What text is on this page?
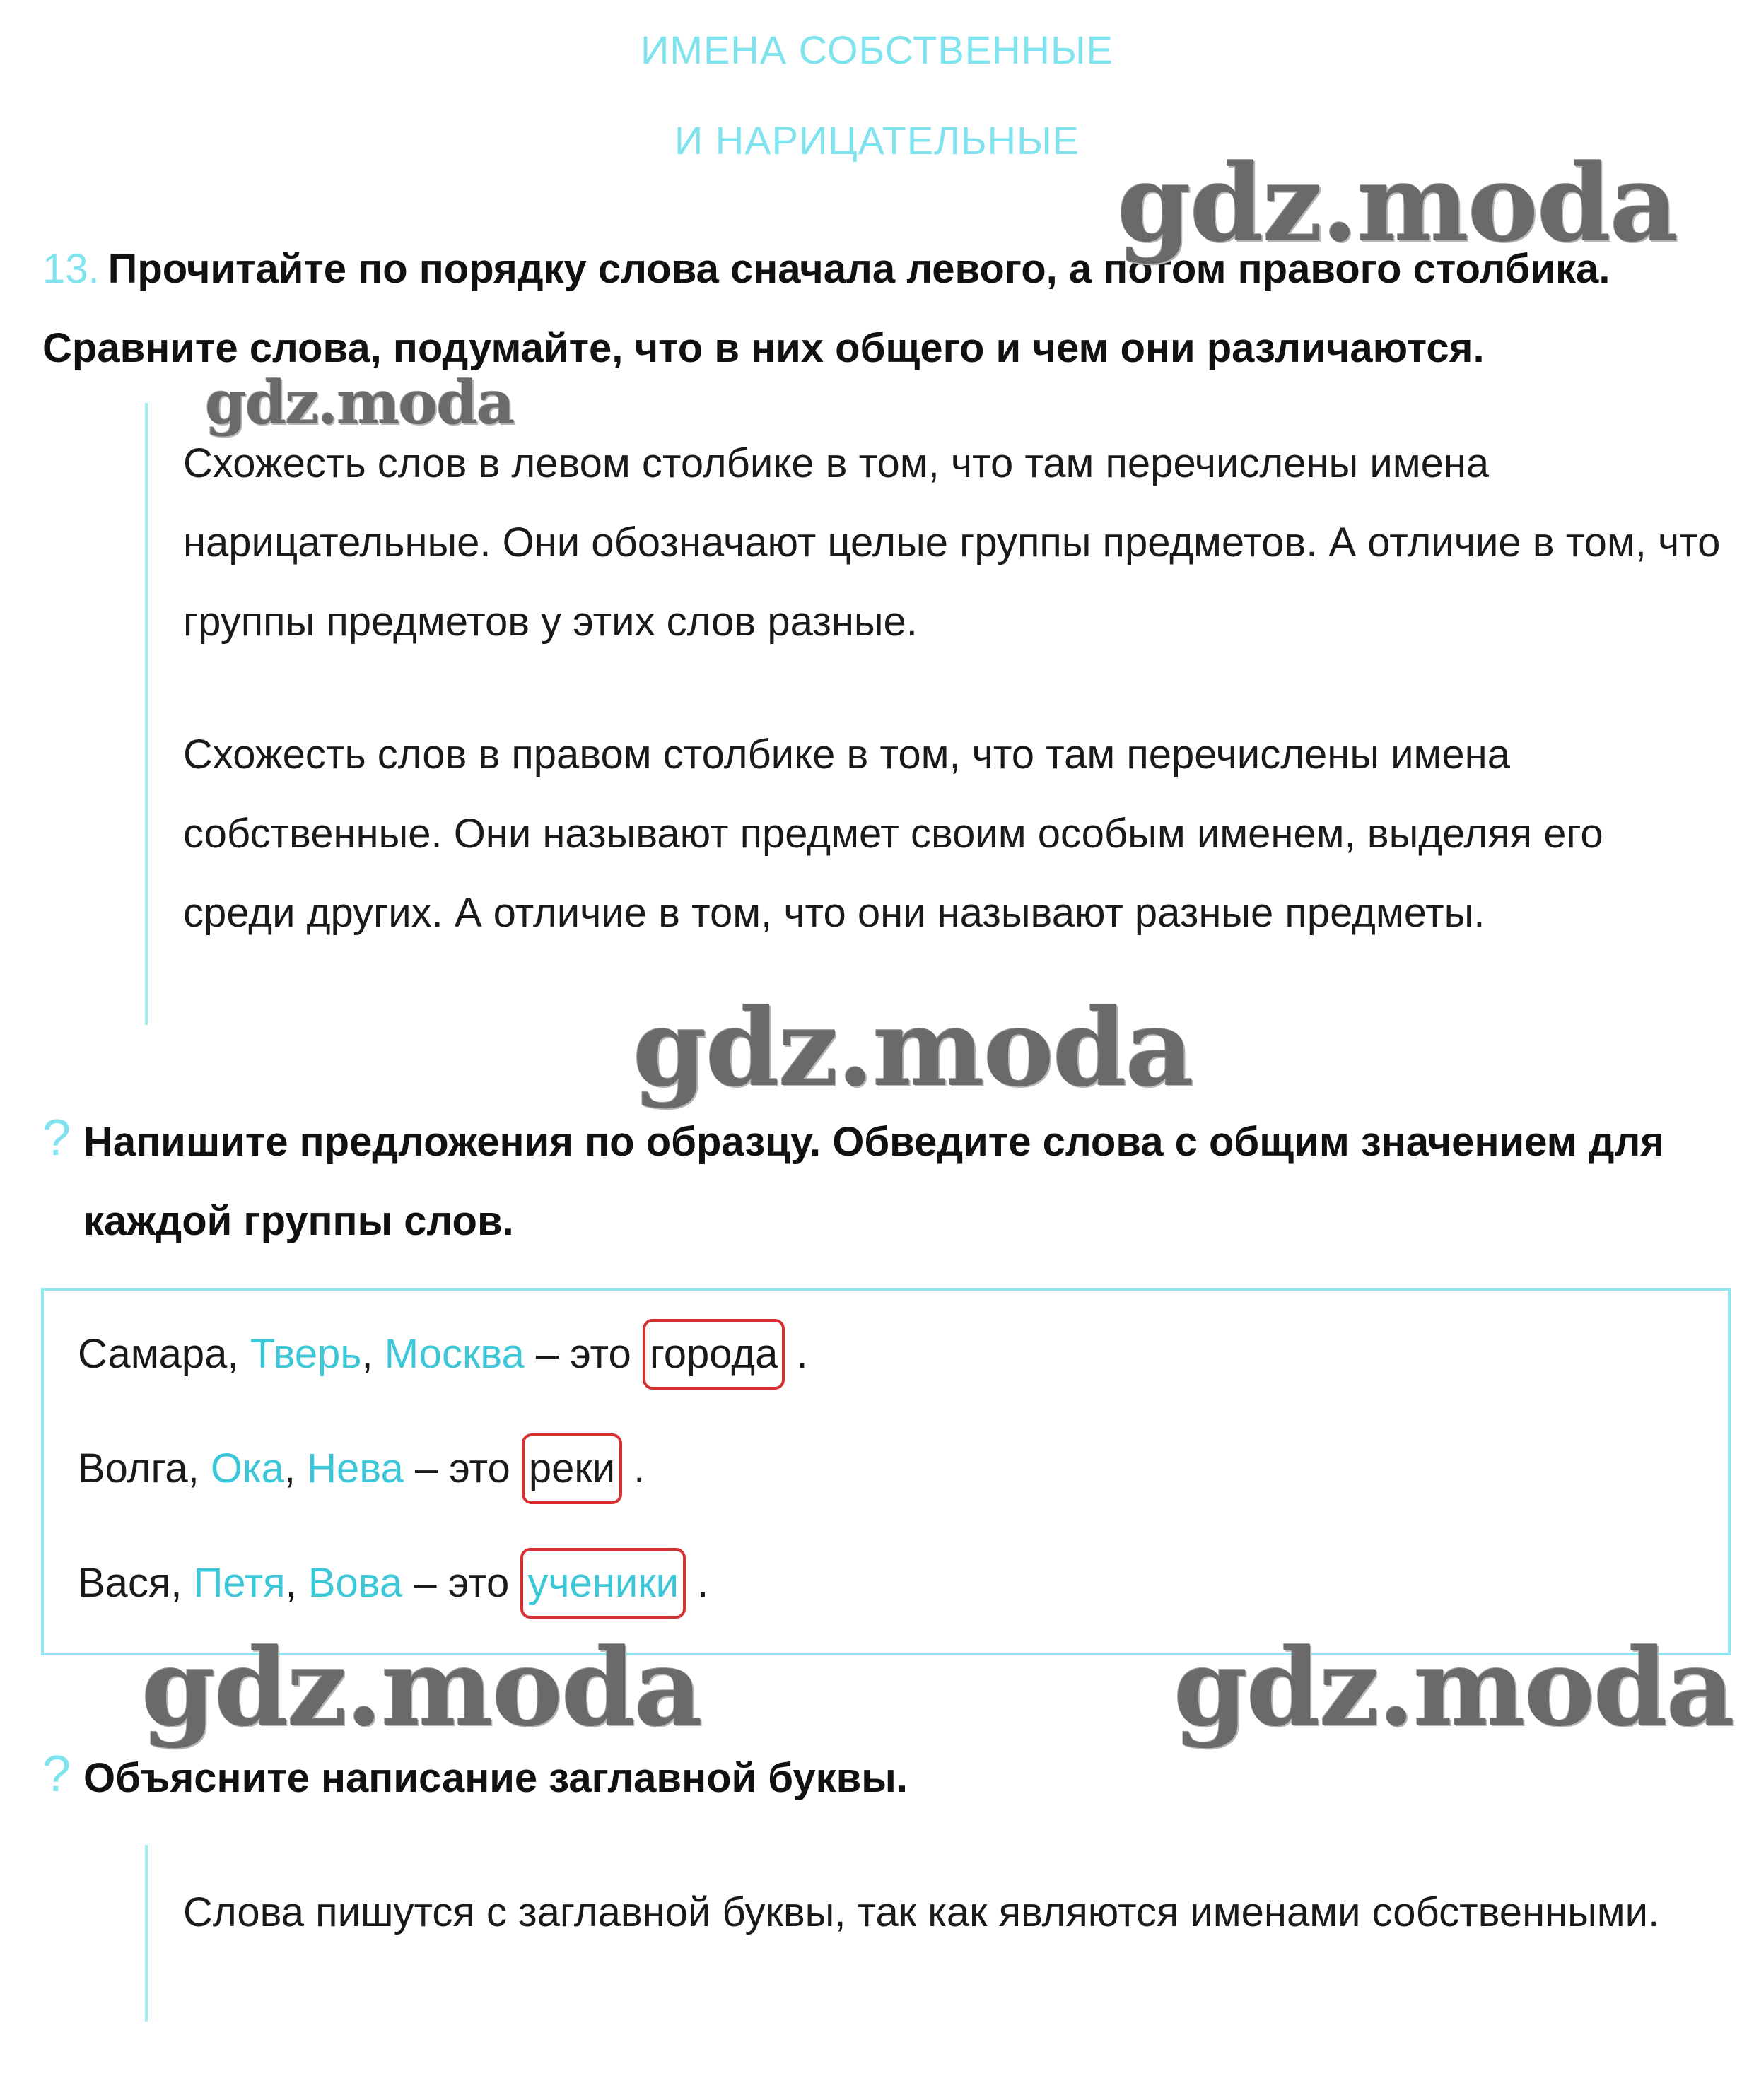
ИМЕНА СОБСТВЕННЫЕ
И НАРИЦАТЕЛЬНЫЕ
13. Прочитайте по порядку слова сначала левого, а потом правого столбика. Сравните слова, подумайте, что в них общего и чем они различаются.
Схожесть слов в левом столбике в том, что там перечислены имена нарицательные. Они обозначают целые группы предметов. А отличие в том, что группы предметов у этих слов разные.
Схожесть слов в правом столбике в том, что там перечислены имена собственные. Они называют предмет своим особым именем, выделяя его среди других. А отличие в том, что они называют разные предметы.
? Напишите предложения по образцу. Обведите слова с общим значением для каждой группы слов.
Самара, Тверь, Москва – это города .
Волга, Ока, Нева – это реки .
Вася, Петя, Вова – это ученики .
? Объясните написание заглавной буквы.
Слова пишутся с заглавной буквы, так как являются именами собственными.
gdz.moda
gdz.moda
gdz.moda
gdz.moda	gdz.moda
